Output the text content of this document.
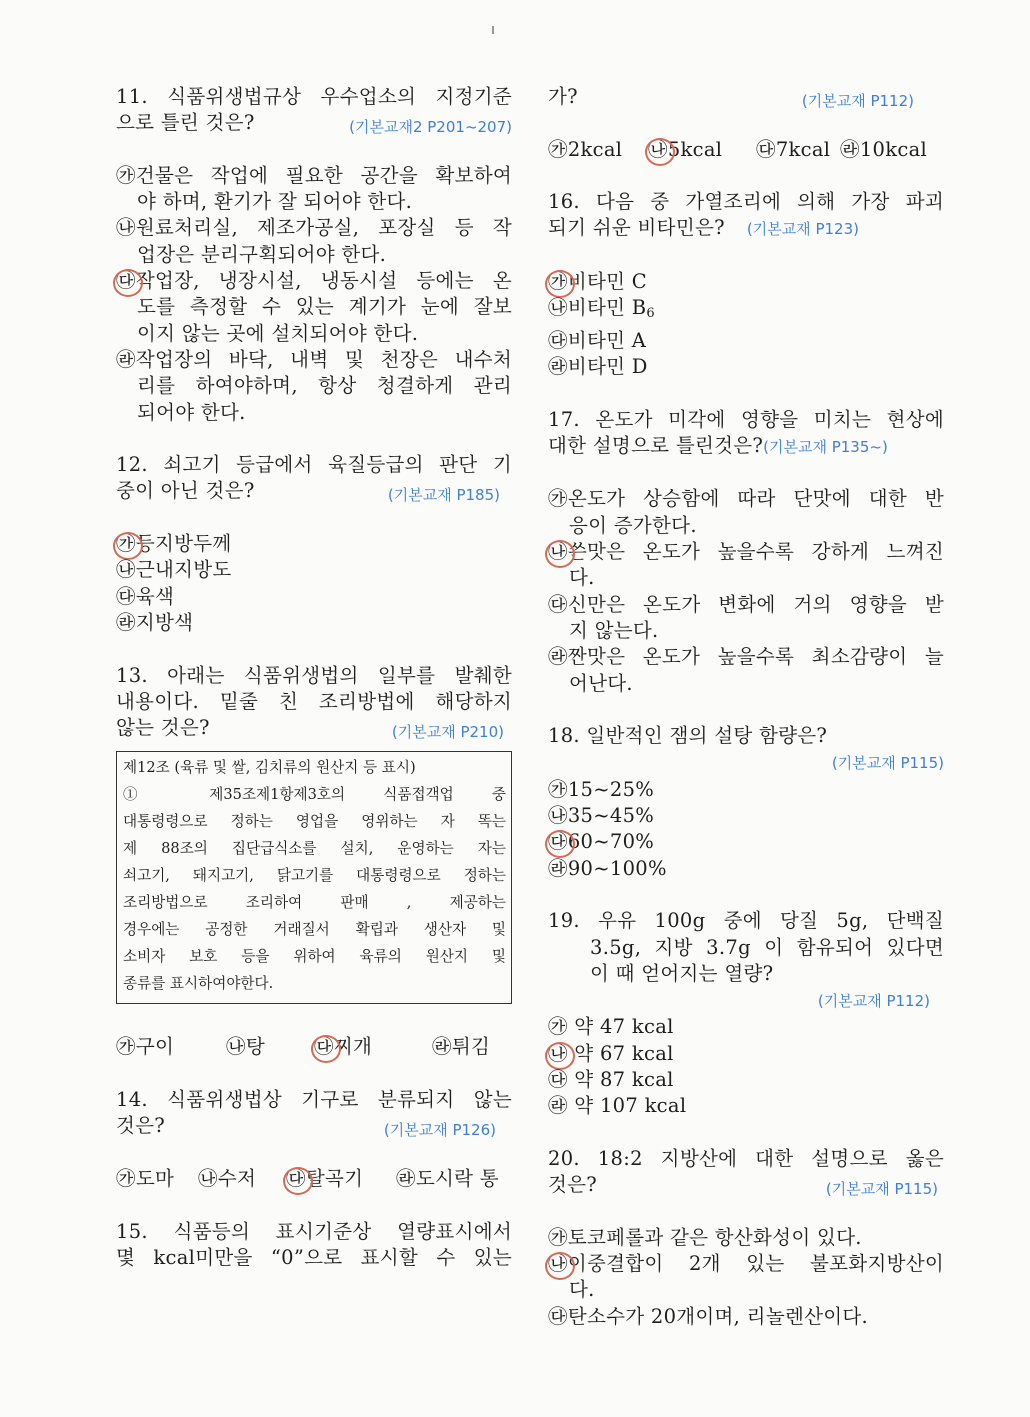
11. 식품위생법규상 우수업소의 지정기준
으로 틀린 것은?	(기본교재2 P201~207)
㉮건물은 작업에 필요한 공간을 확보하여
야 하며, 환기가 잘 되어야 한다.
㉯원료처리실, 제조가공실, 포장실 등 작
업장은 분리구획되어야 한다.
㉰작업장, 냉장시설, 냉동시설 등에는 온
도를 측정할 수 있는 계기가 눈에 잘보
이지 않는 곳에 설치되어야 한다.
㉱작업장의 바닥, 내벽 및 천장은 내수처
리를 하여야하며, 항상 청결하게 관리
되어야 한다.
12. 쇠고기 등급에서 육질등급의 판단 기
중이 아닌 것은?	(기본교재 P185)
㉮등지방두께
㉯근내지방도
㉰육색
㉱지방색
13. 아래는 식품위생법의 일부를 발췌한
내용이다. 밑줄 친 조리방법에 해당하지
않는 것은?	(기본교재 P210)
제12조 (육류 및 쌀, 김치류의 원산지 등 표시)
① 제35조제1항제3호의 식품접객업 중
대통령령으로 정하는 영업을 영위하는 자 똑는
제 88조의 집단급식소를 설치, 운영하는 자는
쇠고기, 돼지고기, 닭고기를 대통령령으로 정하는
조리방법으로 조리하여 판매 , 제공하는
경우에는 공정한 거래질서 확립과 생산자 및
소비자 보호 등을 위하여 육류의 원산지 및
종류를 표시하여야한다.
㉮구이	㉯탕	㉰찌개	㉱튀김
14. 식품위생법상 기구로 분류되지 않는
것은?	(기본교재 P126)
㉮도마	㉯수저	㉰탈곡기	㉱도시락 통
15. 식품등의 표시기준상 열량표시에서
몇 kcal미만을 “0”으로 표시할 수 있는
가?	(기본교재 P112)
㉮2kcal	㉯5kcal	㉰7kcal ㉱10kcal
16. 다음 중 가열조리에 의해 가장 파괴
되기 쉬운 비타민은? (기본교재 P123)
㉮비타민 C
㉯비타민 $B_6$
㉰비타민 A
㉱비타민 D
17. 온도가 미각에 영향을 미치는 현상에
대한 설명으로 틀린것은?(기본교재 P135~)
㉮온도가 상승함에 따라 단맛에 대한 반
응이 증가한다.
㉯쓴맛은 온도가 높을수록 강하게 느껴진
다.
㉰신만은 온도가 변화에 거의 영향을 받
지 않는다.
㉱짠맛은 온도가 높을수록 최소감량이 늘
어난다.
18. 일반적인 잼의 설탕 함량은?
(기본교재 P115)
㉮15~25%
㉯35~45%
㉰60~70%
㉱90~100%
19. 우유 100g 중에 당질 5g, 단백질
3.5g, 지방 3.7g 이 함유되어 있다면
이 때 얻어지는 열량?
(기본교재 P112)
㉮ 약 47 kcal
㉯ 약 67 kcal
㉰ 약 87 kcal
㉱ 약 107 kcal
20. 18:2 지방산에 대한 설명으로 옳은
것은?	(기본교재 P115)
㉮토코페롤과 같은 항산화성이 있다.
㉯이중결합이 2개 있는 불포화지방산이
다.
㉰탄소수가 20개이며, 리놀렌산이다.
